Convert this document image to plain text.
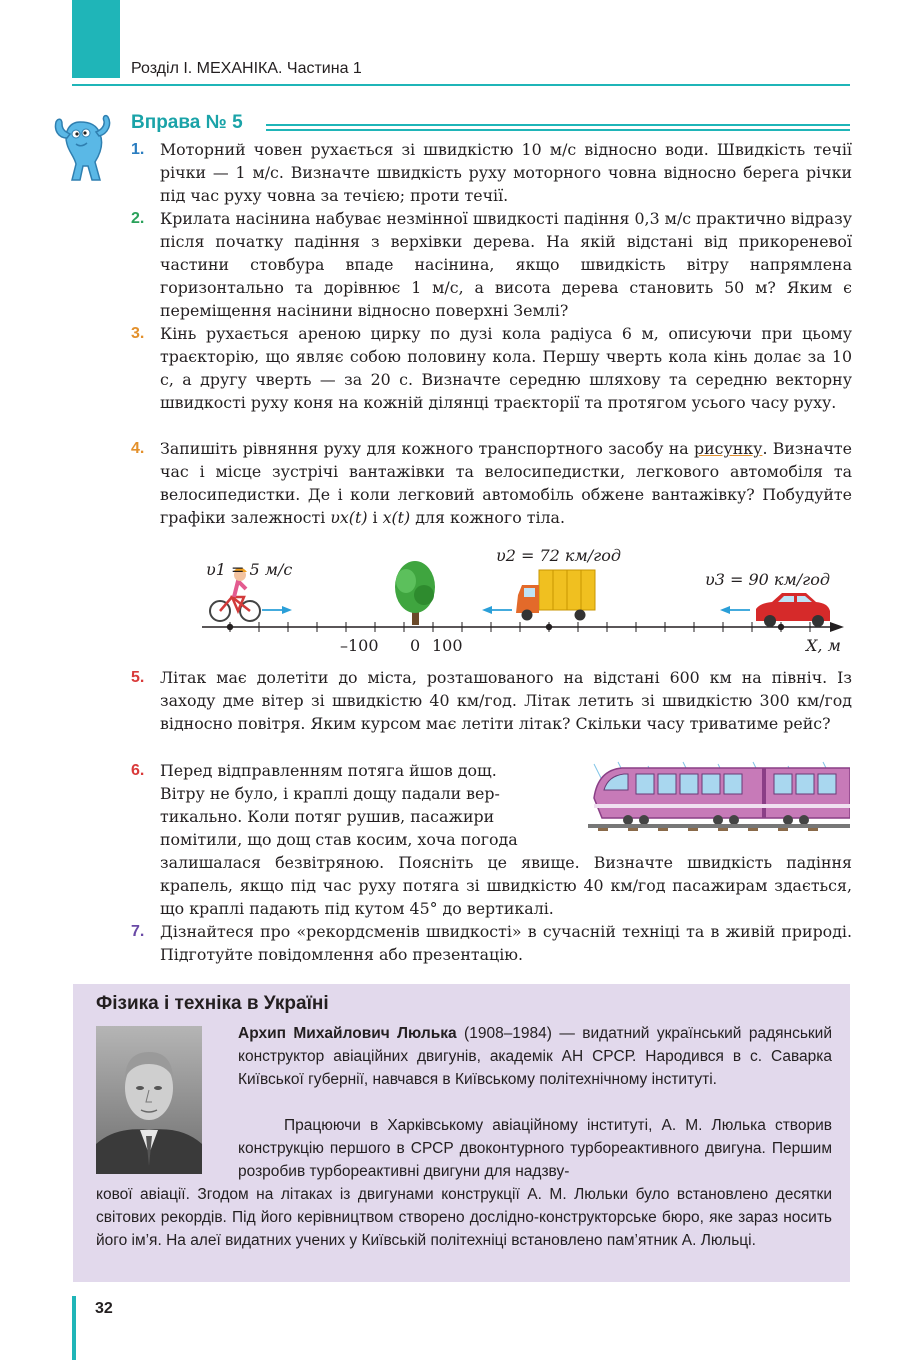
Розділ І. МЕХАНІКА. Частина 1
Вправа № 5
1. Моторний човен рухається зі швидкістю 10 м/с відносно води. Швидкість течії річки — 1 м/с. Визначте швидкість руху моторного човна відносно берега річки під час руху човна за течією; проти течії.

2. Крилата насінина набуває незмінної швидкості падіння 0,3 м/с практично відразу після початку падіння з верхівки дерева. На якій відстані від прикореневої частини стовбура впаде насінина, якщо швидкість вітру напрямлена горизонтально та дорівнює 1 м/с, а висота дерева становить 50 м? Яким є переміщення насінини відносно поверхні Землі?

3. Кінь рухається ареною цирку по дузі кола радіуса 6 м, описуючи при цьому траєкторію, що являє собою половину кола. Першу чверть кола кінь долає за 10 с, а другу чверть — за 20 с. Визначте середню шляхову та середню векторну швидкості руху коня на кожній ділянці траєкторії та протягом усього часу руху.

4. Запишіть рівняння руху для кожного транспортного засобу на рисунку. Визначте час і місце зустрічі вантажівки та велосипедистки, легкового автомобіля та велосипедистки. Де і коли легковий автомобіль обжене вантажівку? Побудуйте графіки залежності υx(t) і x(t) для кожного тіла.

υ1 = 5 м/с
υ2 = 72 км/год
υ3 = 90 км/год
–100 0 100	X, м
5. Літак має долетіти до міста, розташованого на відстані 600 км на північ. Із заходу дме вітер зі швидкістю 40 км/год. Літак летить зі швидкістю 300 км/год відносно повітря. Яким курсом має летіти літак? Скільки часу триватиме рейс?

6. Перед відправленням потяга йшов дощ.
Вітру не було, і краплі дощу падали вер-
тикально. Коли потяг рушив, пасажири
помітили, що дощ став косим, хоча погода

залишалася безвітряною. Поясніть це явище. Визначте швидкість падіння крапель, якщо під час руху потяга зі швидкістю 40 км/год пасажирам здається, що краплі падають під кутом 45° до вертикалі.

7. Дізнайтеся про «рекордсменів швидкості» в сучасній техніці та в живій природі. Підготуйте повідомлення або презентацію.

Фізика і техніка в Україні

Архип Михайлович Люлька (1908–1984) — видатний український радянський конструктор авіаційних двигунів, академік АН СРСР. Народився в с. Саварка Київської губернії, навчався в Київському політехнічному інституті.

Працюючи в Харківському авіаційному інституті, А. М. Люлька створив конструкцію першого в СРСР двоконтурного турбореактивного двигуна. Першим розробив турбореактивні двигуни для надзву-

кової авіації. Згодом на літаках із двигунами конструкції А. М. Люльки було встановлено десятки світових рекордів. Під його керівництвом створено дослідно-конструкторське бюро, яке зараз носить його ім’я. На алеї видатних учених у Київській політехніці встановлено пам’ятник А. Люльці.

32
